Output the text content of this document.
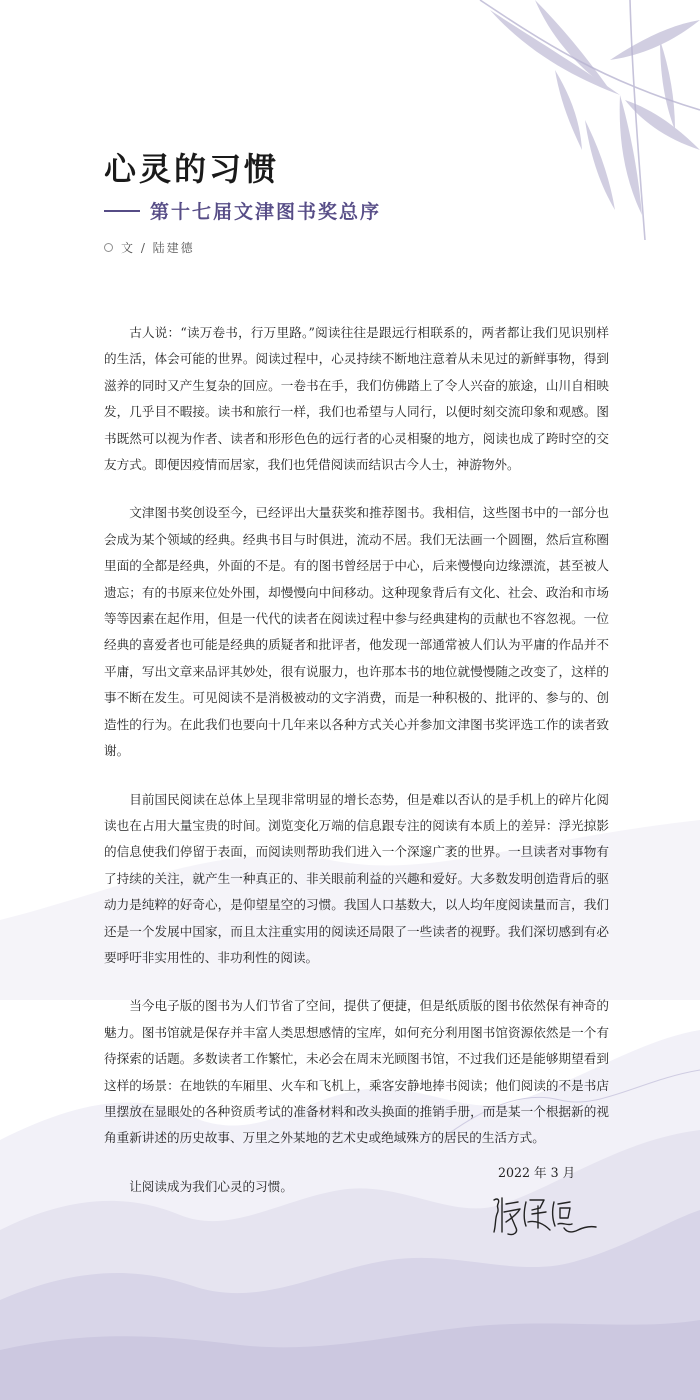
心灵的习惯
第十七届文津图书奖总序
文 / 陆建德

古人说：“读万卷书，行万里路。”阅读往往是跟远行相联系的，两者都让我们见识别样的生活，体会可能的世界。阅读过程中，心灵持续不断地注意着从未见过的新鲜事物，得到滋养的同时又产生复杂的回应。一卷书在手，我们仿佛踏上了令人兴奋的旅途，山川自相映发，几乎目不暇接。读书和旅行一样，我们也希望与人同行，以便时刻交流印象和观感。图书既然可以视为作者、读者和形形色色的远行者的心灵相聚的地方，阅读也成了跨时空的交友方式。即便因疫情而居家，我们也凭借阅读而结识古今人士，神游物外。

文津图书奖创设至今，已经评出大量获奖和推荐图书。我相信，这些图书中的一部分也会成为某个领域的经典。经典书目与时俱进，流动不居。我们无法画一个圆圈，然后宣称圈里面的全都是经典，外面的不是。有的图书曾经居于中心，后来慢慢向边缘漂流，甚至被人遗忘；有的书原来位处外围，却慢慢向中间移动。这种现象背后有文化、社会、政治和市场等等因素在起作用，但是一代代的读者在阅读过程中参与经典建构的贡献也不容忽视。一位经典的喜爱者也可能是经典的质疑者和批评者，他发现一部通常被人们认为平庸的作品并不平庸，写出文章来品评其妙处，很有说服力，也许那本书的地位就慢慢随之改变了，这样的事不断在发生。可见阅读不是消极被动的文字消费，而是一种积极的、批评的、参与的、创造性的行为。在此我们也要向十几年来以各种方式关心并参加文津图书奖评选工作的读者致谢。

目前国民阅读在总体上呈现非常明显的增长态势，但是难以否认的是手机上的碎片化阅读也在占用大量宝贵的时间。浏览变化万端的信息跟专注的阅读有本质上的差异：浮光掠影的信息使我们停留于表面，而阅读则帮助我们进入一个深邃广袤的世界。一旦读者对事物有了持续的关注，就产生一种真正的、非关眼前利益的兴趣和爱好。大多数发明创造背后的驱动力是纯粹的好奇心，是仰望星空的习惯。我国人口基数大，以人均年度阅读量而言，我们还是一个发展中国家，而且太注重实用的阅读还局限了一些读者的视野。我们深切感到有必要呼吁非实用性的、非功利性的阅读。

当今电子版的图书为人们节省了空间，提供了便捷，但是纸质版的图书依然保有神奇的魅力。图书馆就是保存并丰富人类思想感情的宝库，如何充分利用图书馆资源依然是一个有待探索的话题。多数读者工作繁忙，未必会在周末光顾图书馆，不过我们还是能够期望看到这样的场景：在地铁的车厢里、火车和飞机上，乘客安静地捧书阅读；他们阅读的不是书店里摆放在显眼处的各种资质考试的准备材料和改头换面的推销手册，而是某一个根据新的视角重新讲述的历史故事、万里之外某地的艺术史或绝域殊方的居民的生活方式。

让阅读成为我们心灵的习惯。

2022 年 3 月
